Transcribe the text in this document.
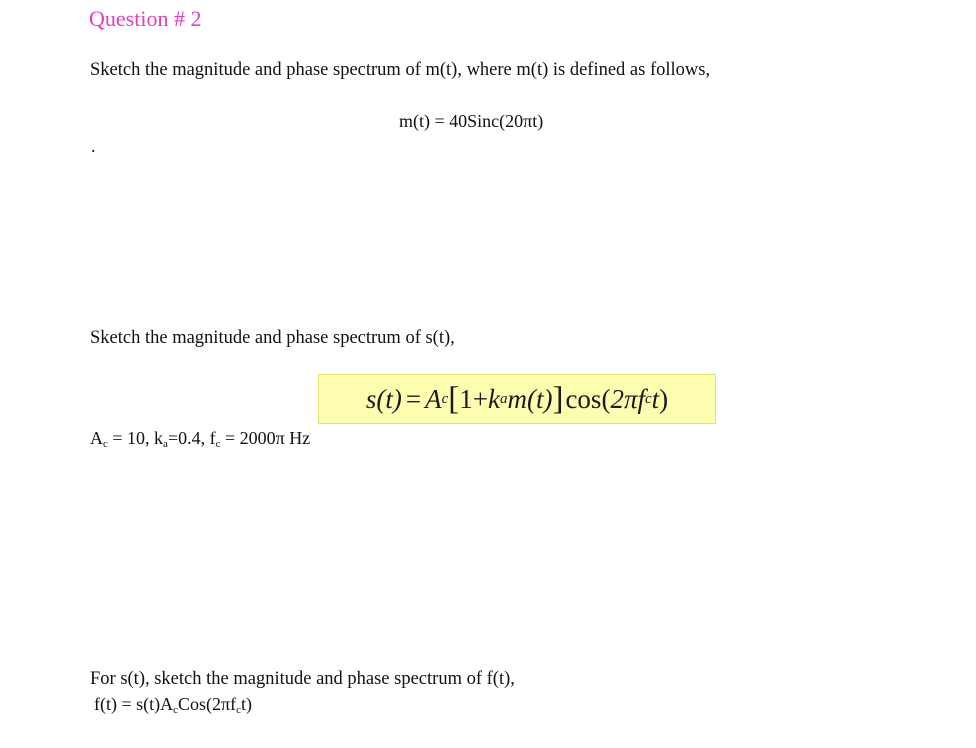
Question # 2
Sketch the magnitude and phase spectrum of m(t), where m(t) is defined as follows,
m(t) = 40Sinc(20πt)
.
Sketch the magnitude and phase spectrum of s(t),
s(t) = A c [ 1+ k a m(t) ] cos ( 2πf c t )
$A_c = 10$, $k_a=0.4$, $f_c = 2000\pi$ Hz
For s(t), sketch the magnitude and phase spectrum of f(t),
$f(t) = s(t)A_cCos(2\pi f_ct)$
